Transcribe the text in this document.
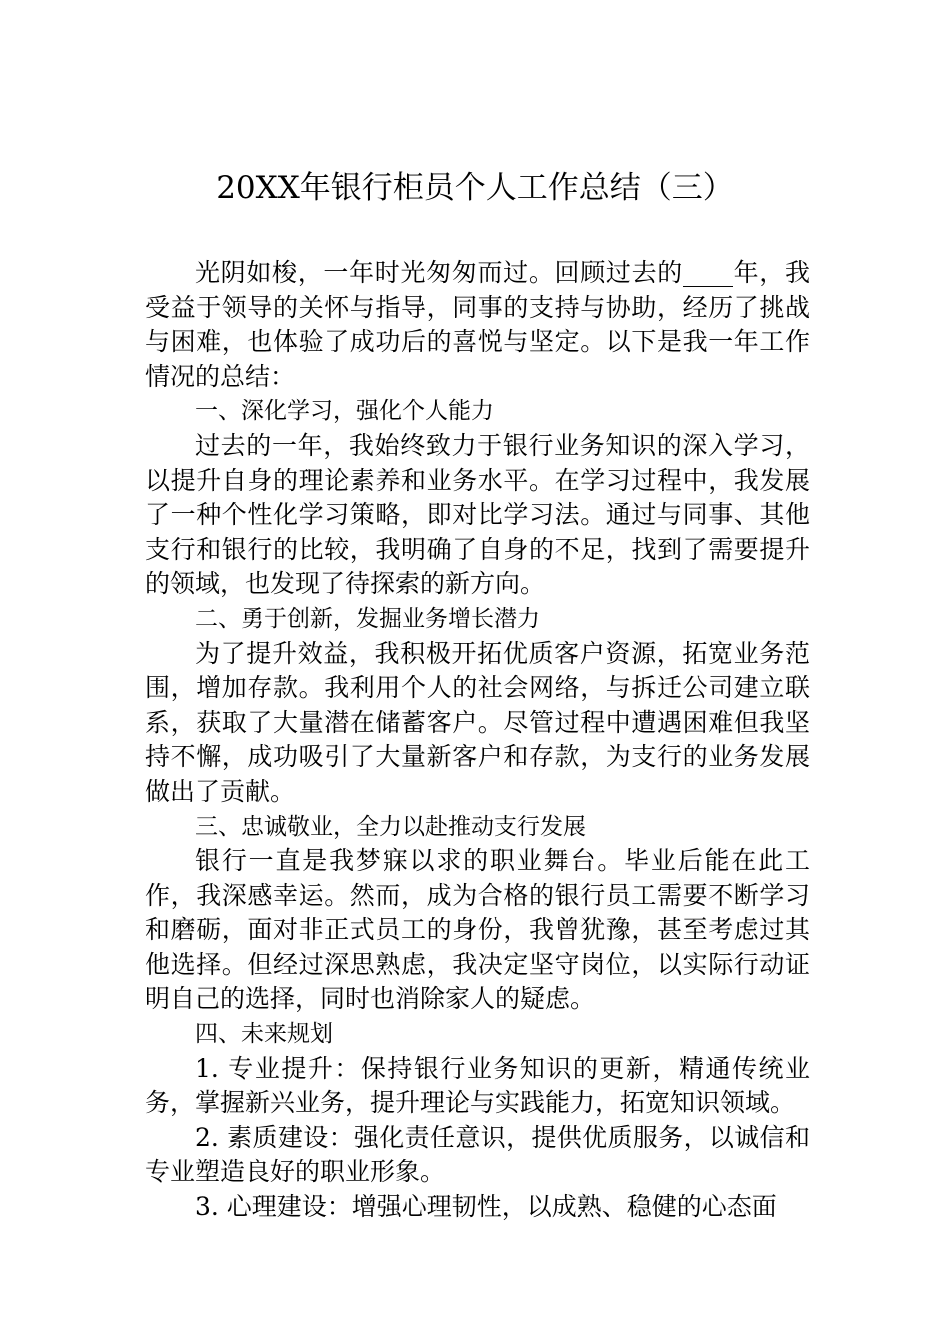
20XX年银行柜员个人工作总结（三）

光阴如梭，一年时光匆匆而过。回顾过去的____年，我受益于领导的关怀与指导，同事的支持与协助，经历了挑战与困难，也体验了成功后的喜悦与坚定。以下是我一年工作情况的总结：

一、深化学习，强化个人能力

过去的一年，我始终致力于银行业务知识的深入学习，以提升自身的理论素养和业务水平。在学习过程中，我发展了一种个性化学习策略，即对比学习法。通过与同事、其他支行和银行的比较，我明确了自身的不足，找到了需要提升的领域，也发现了待探索的新方向。

二、勇于创新，发掘业务增长潜力

为了提升效益，我积极开拓优质客户资源，拓宽业务范围，增加存款。我利用个人的社会网络，与拆迁公司建立联系，获取了大量潜在储蓄客户。尽管过程中遭遇困难但我坚持不懈，成功吸引了大量新客户和存款，为支行的业务发展做出了贡献。

三、忠诚敬业，全力以赴推动支行发展

银行一直是我梦寐以求的职业舞台。毕业后能在此工作，我深感幸运。然而，成为合格的银行员工需要不断学习和磨砺，面对非正式员工的身份，我曾犹豫，甚至考虑过其他选择。但经过深思熟虑，我决定坚守岗位，以实际行动证明自己的选择，同时也消除家人的疑虑。

四、未来规划

1. 专业提升：保持银行业务知识的更新，精通传统业务，掌握新兴业务，提升理论与实践能力，拓宽知识领域。

2. 素质建设：强化责任意识，提供优质服务，以诚信和专业塑造良好的职业形象。

3. 心理建设：增强心理韧性，以成熟、稳健的心态面
